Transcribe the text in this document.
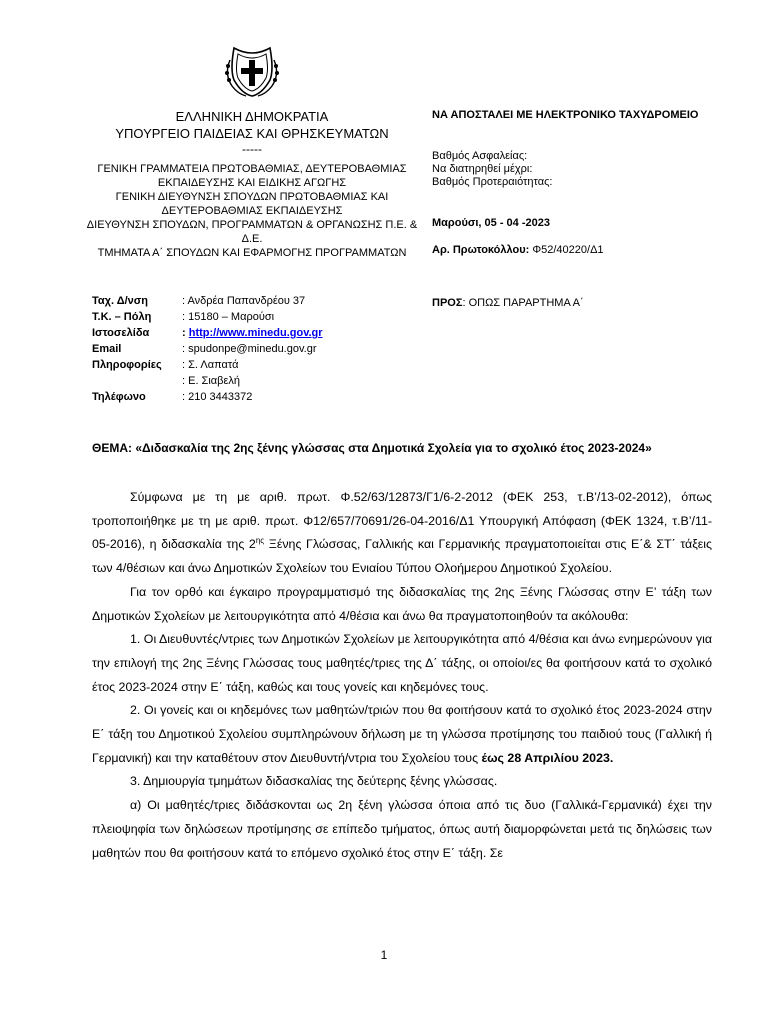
ΕΛΛΗΝΙΚΗ ΔΗΜΟΚΡΑΤΙΑ
ΥΠΟΥΡΓΕΙΟ ΠΑΙΔΕΙΑΣ ΚΑΙ ΘΡΗΣΚΕΥΜΑΤΩΝ
-----
ΓΕΝΙΚΗ ΓΡΑΜΜΑΤΕΙΑ ΠΡΩΤΟΒΑΘΜΙΑΣ, ΔΕΥΤΕΡΟΒΑΘΜΙΑΣ ΕΚΠΑΙΔΕΥΣΗΣ ΚΑΙ ΕΙΔΙΚΗΣ ΑΓΩΓΗΣ
ΓΕΝΙΚΗ ΔΙΕΥΘΥΝΣΗ ΣΠΟΥΔΩΝ ΠΡΩΤΟΒΑΘΜΙΑΣ ΚΑΙ ΔΕΥΤΕΡΟΒΑΘΜΙΑΣ ΕΚΠΑΙΔΕΥΣΗΣ
ΔΙΕΥΘΥΝΣΗ ΣΠΟΥΔΩΝ, ΠΡΟΓΡΑΜΜΑΤΩΝ & ΟΡΓΑΝΩΣΗΣ Π.Ε. & Δ.Ε.
ΤΜΗΜΑΤΑ Α΄ ΣΠΟΥΔΩΝ ΚΑΙ ΕΦΑΡΜΟΓΗΣ ΠΡΟΓΡΑΜΜΑΤΩΝ
Ταχ. Δ/νση	: Ανδρέα Παπανδρέου 37
Τ.Κ. – Πόλη	: 15180 – Μαρούσι
Ιστοσελίδα	: http://www.minedu.gov.gr
Email	: spudonpe@minedu.gov.gr
Πληροφορίες	: Σ. Λαπατά
: Ε. Σιαβελή
Τηλέφωνο	: 210 3443372
ΝΑ ΑΠΟΣΤΑΛΕΙ ΜΕ ΗΛΕΚΤΡΟΝΙΚΟ ΤΑΧΥΔΡΟΜΕΙΟ
Βαθμός Ασφαλείας:
Να διατηρηθεί μέχρι:
Βαθμός Προτεραιότητας:
Μαρούσι, 05 - 04 -2023
Αρ. Πρωτοκόλλου: Φ52/40220/Δ1
ΠΡΟΣ: ΟΠΩΣ ΠΑΡΑΡΤΗΜΑ Α΄
ΘΕΜΑ: «Διδασκαλία της 2ης ξένης γλώσσας στα Δημοτικά Σχολεία για το σχολικό έτος 2023-2024»

Σύμφωνα με τη με αριθ. πρωτ. Φ.52/63/12873/Γ1/6-2-2012 (ΦΕΚ 253, τ.Β’/13-02-2012), όπως τροποποιήθηκε με τη με αριθ. πρωτ. Φ12/657/70691/26-04-2016/Δ1 Υπουργική Απόφαση (ΦΕΚ 1324, τ.Β’/11-05-2016), η διδασκαλία της $2^{\eta\varsigma}$ Ξένης Γλώσσας, Γαλλικής και Γερμανικής πραγματοποιείται στις Ε΄& ΣΤ΄ τάξεις των 4/θέσιων και άνω Δημοτικών Σχολείων του Ενιαίου Τύπου Ολοήμερου Δημοτικού Σχολείου.

Για τον ορθό και έγκαιρο προγραμματισμό της διδασκαλίας της 2ης Ξένης Γλώσσας στην Ε’ τάξη των Δημοτικών Σχολείων με λειτουργικότητα από 4/θέσια και άνω θα πραγματοποιηθούν τα ακόλουθα:

1. Οι Διευθυντές/ντριες των Δημοτικών Σχολείων με λειτουργικότητα από 4/θέσια και άνω ενημερώνουν για την επιλογή της 2ης Ξένης Γλώσσας τους μαθητές/τριες της Δ΄ τάξης, οι οποίοι/ες θα φοιτήσουν κατά το σχολικό έτος 2023-2024 στην Ε΄ τάξη, καθώς και τους γονείς και κηδεμόνες τους.

2. Οι γονείς και οι κηδεμόνες των μαθητών/τριών που θα φοιτήσουν κατά το σχολικό έτος 2023-2024 στην Ε΄ τάξη του Δημοτικού Σχολείου συμπληρώνουν δήλωση με τη γλώσσα προτίμησης του παιδιού τους (Γαλλική ή Γερμανική) και την καταθέτουν στον Διευθυντή/ντρια του Σχολείου τους έως 28 Απριλίου 2023.

3. Δημιουργία τμημάτων διδασκαλίας της δεύτερης ξένης γλώσσας.

α) Οι μαθητές/τριες διδάσκονται ως 2η ξένη γλώσσα όποια από τις δυο (Γαλλικά-Γερμανικά) έχει την πλειοψηφία των δηλώσεων προτίμησης σε επίπεδο τμήματος, όπως αυτή διαμορφώνεται μετά τις δηλώσεις των μαθητών που θα φοιτήσουν κατά το επόμενο σχολικό έτος στην Ε΄ τάξη. Σε

1
